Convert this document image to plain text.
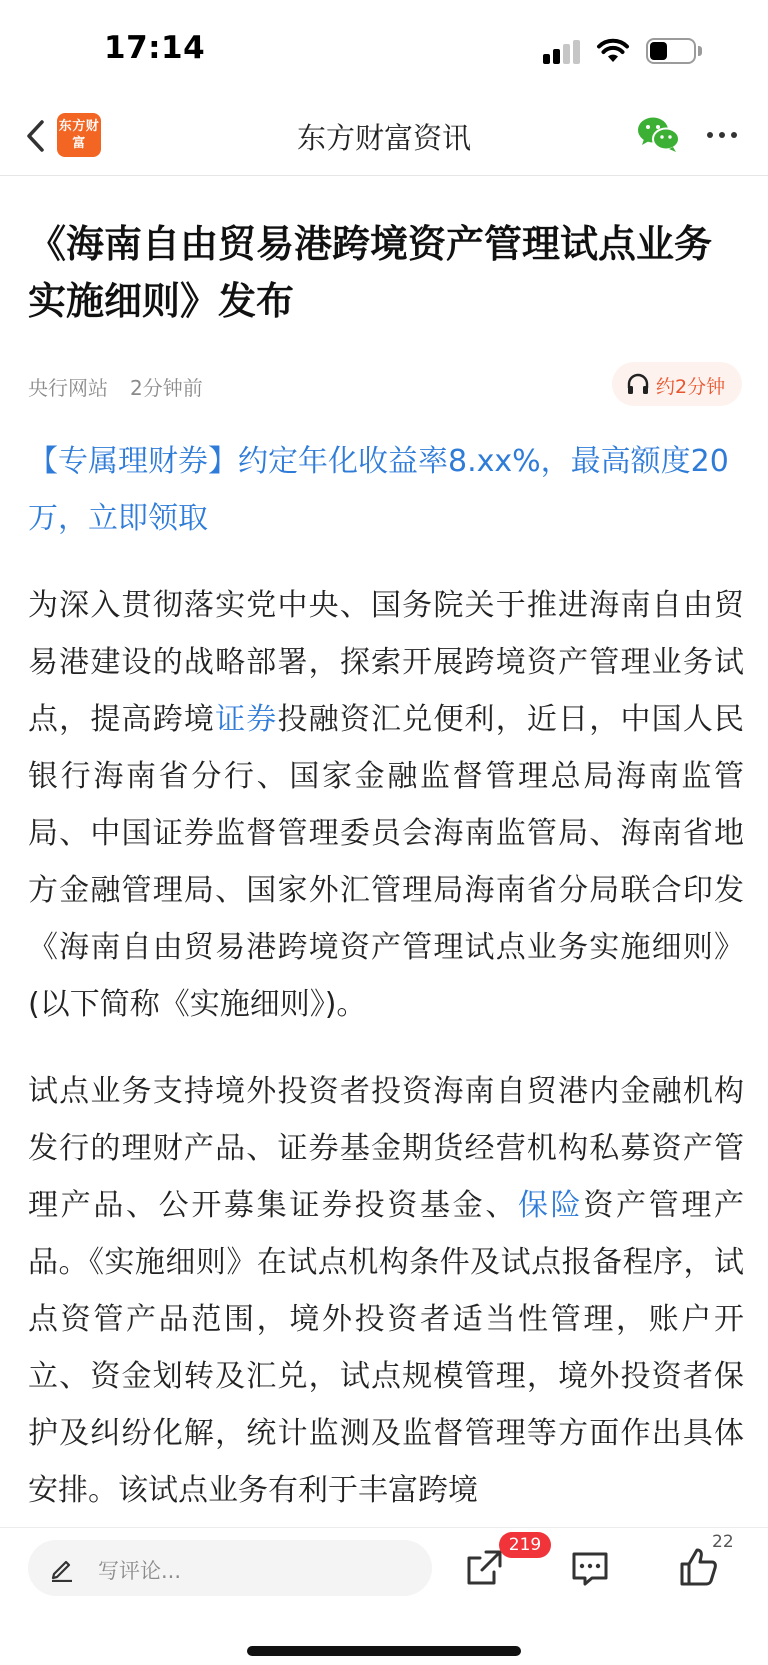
17:14
东方财富	东方财富资讯
《海南自由贸易港跨境资产管理试点业务实施细则》发布
央行网站 2分钟前	约2分钟
【专属理财券】约定年化收益率8.xx%，最高额度20万，立即领取

为深入贯彻落实党中央、国务院关于推进海南自由贸易港建设的战略部署，探索开展跨境资产管理业务试点，提高跨境证券投融资汇兑便利，近日，中国人民银行海南省分行、国家金融监督管理总局海南监管局、中国证券监督管理委员会海南监管局、海南省地方金融管理局、国家外汇管理局海南省分局联合印发《海南自由贸易港跨境资产管理试点业务实施细则》(以下简称《实施细则》)。

试点业务支持境外投资者投资海南自贸港内金融机构发行的理财产品、证券基金期货经营机构私募资产管理产品、公开募集证券投资基金、保险资产管理产品。《实施细则》在试点机构条件及试点报备程序，试点资管产品范围，境外投资者适当性管理，账户开立、资金划转及汇兑，试点规模管理，境外投资者保护及纠纷化解，统计监测及监督管理等方面作出具体安排。该试点业务有利于丰富跨境

写评论...
219	22
